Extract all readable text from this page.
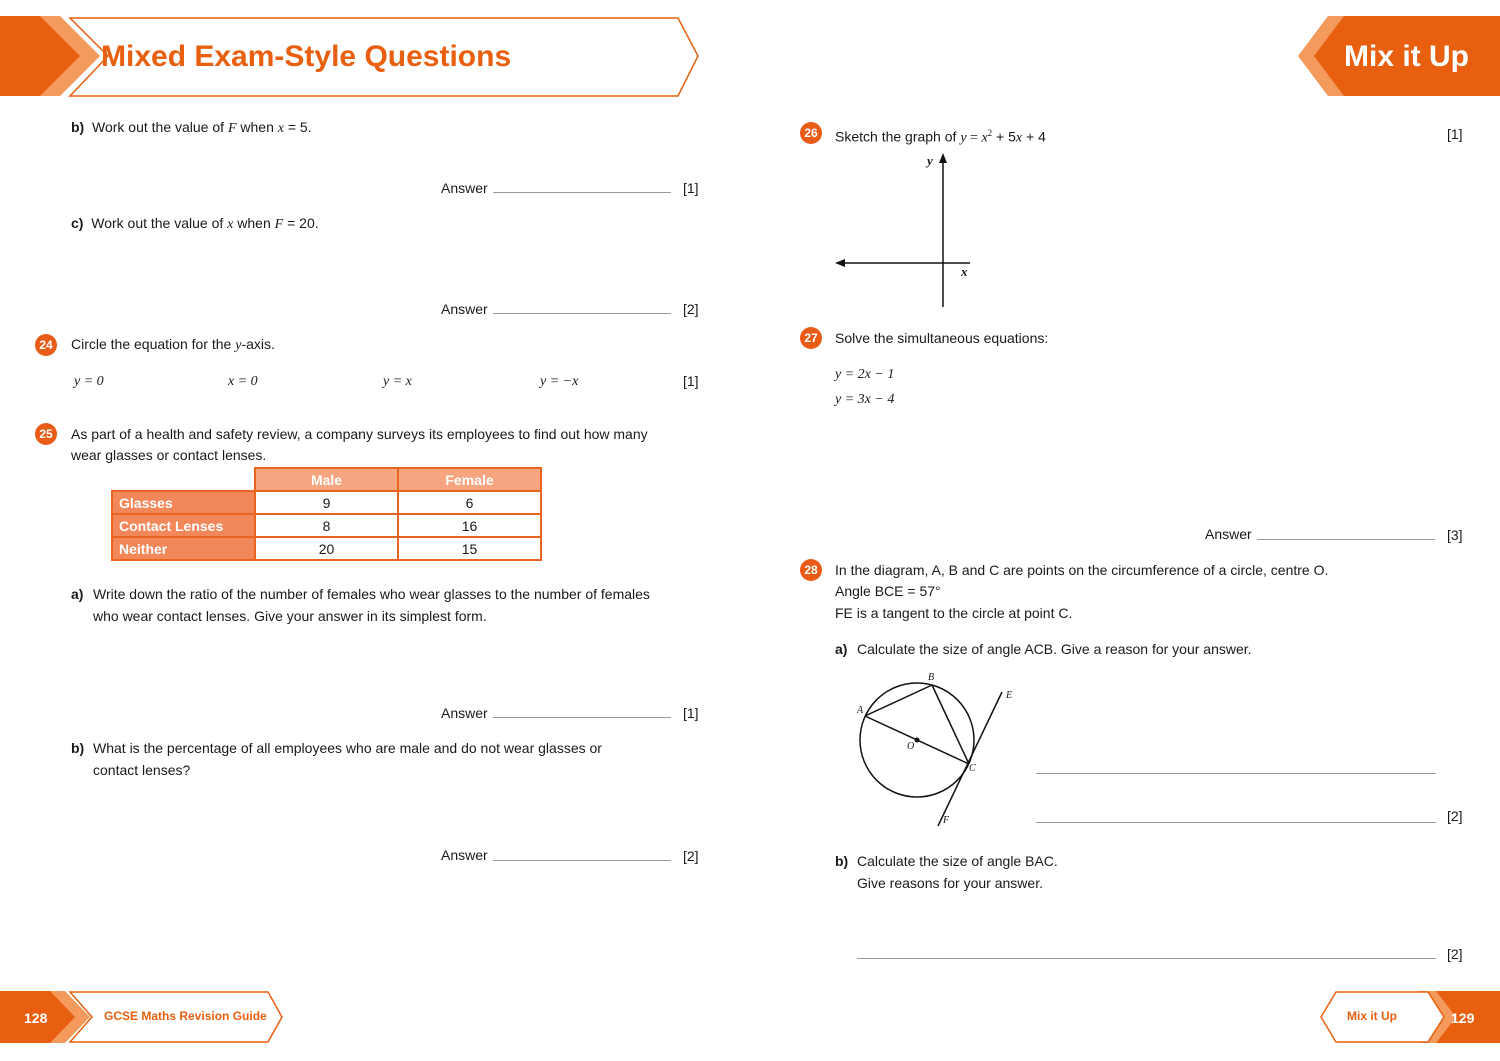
Mixed Exam-Style Questions	Mix it Up
b) Work out the value of F when x = 5.
Answer	[1]
c) Work out the value of x when F = 20.
Answer	[2]
24	Circle the equation for the y-axis.
y = 0	x = 0	y = x	y = −x	[1]
25	As part of a health and safety review, a company surveys its employees to find out how many
wear glasses or contact lenses.
	Male	Female
Glasses	9	6
Contact Lenses	8	16
Neither	20	15
a) Write down the ratio of the number of females who wear glasses to the number of females
who wear contact lenses. Give your answer in its simplest form.
Answer	[1]
b) What is the percentage of all employees who are male and do not wear glasses or
contact lenses?
Answer	[2]
26	Sketch the graph of $y = x^2 + 5x + 4$	[1]
y
x
27	Solve the simultaneous equations:
y = 2x − 1
y = 3x − 4
Answer	[3]
28	In the diagram, A, B and C are points on the circumference of a circle, centre O.
Angle BCE = 57°
FE is a tangent to the circle at point C.
a) Calculate the size of angle ACB. Give a reason for your answer.
A
B
C
O
E
F	[2]
b) Calculate the size of angle BAC.
Give reasons for your answer.
[2]
128	GCSE Maths Revision Guide	Mix it Up	129
